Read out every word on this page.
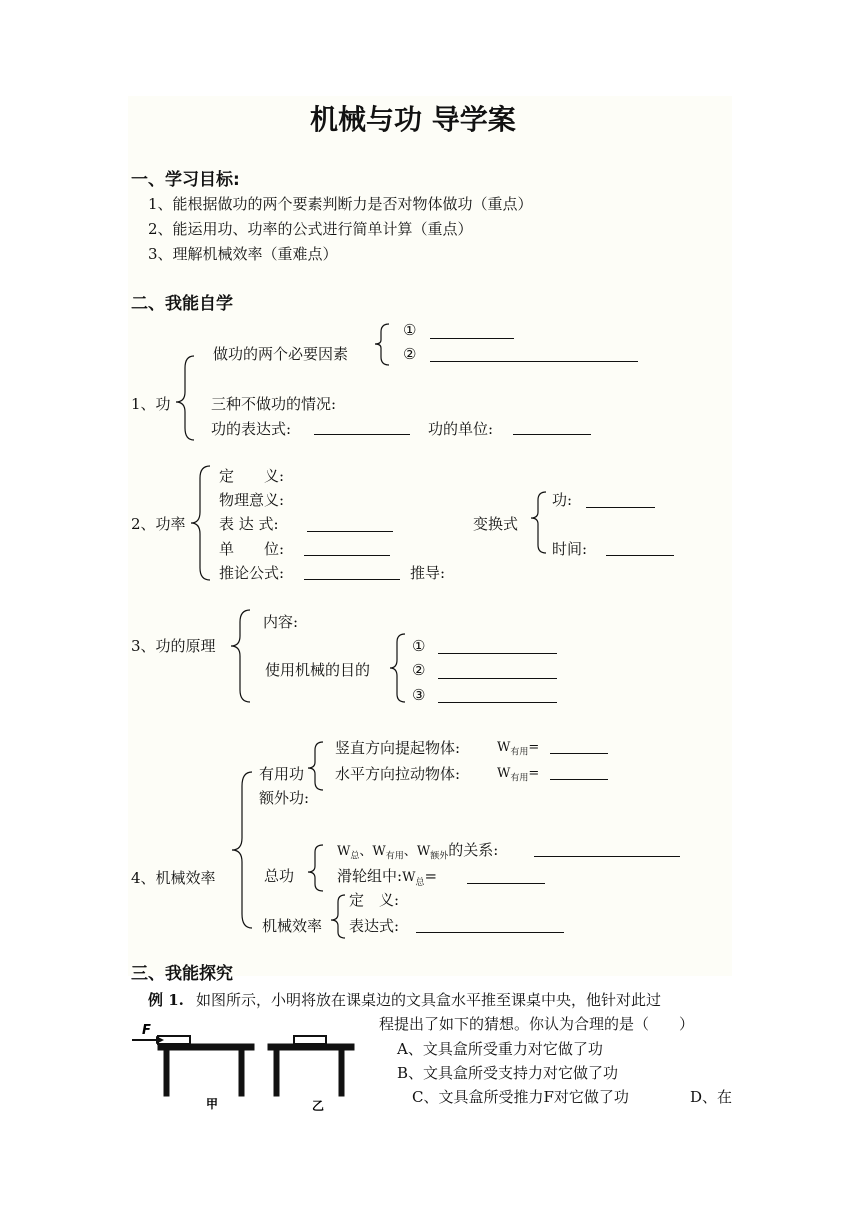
机械与功 导学案
一、学习目标:
1、能根据做功的两个要素判断力是否对物体做功（重点）
2、能运用功、功率的公式进行简单计算（重点）
3、理解机械效率（重难点）
二、我能自学
1、功
做功的两个必要因素
①
②
三种不做功的情况:
功的表达式:	功的单位:
2、功率
定　　义:
物理意义:
表 达 式:
单　　位:
推论公式:	推导:
变换式
功:
时间:
3、功的原理
内容:
使用机械的目的
①
②
③
4、机械效率
有用功
竖直方向提起物体:	$W_{有用}=$
水平方向拉动物体:	$W_{有用}=$
额外功:
总功
$W_总$、$W_{有用}$、$W_{额外}$的关系:
滑轮组中$:W_总=$
机械效率
定　义:
表达式:
三、我能探究
例 1. 如图所示，小明将放在课桌边的文具盒水平推至课桌中央，他针对此过
程提出了如下的猜想。你认为合理的是（　　）
A、文具盒所受重力对它做了功
B、文具盒所受支持力对它做了功
C、文具盒所受推力F对它做了功	D、在
F
甲	乙
